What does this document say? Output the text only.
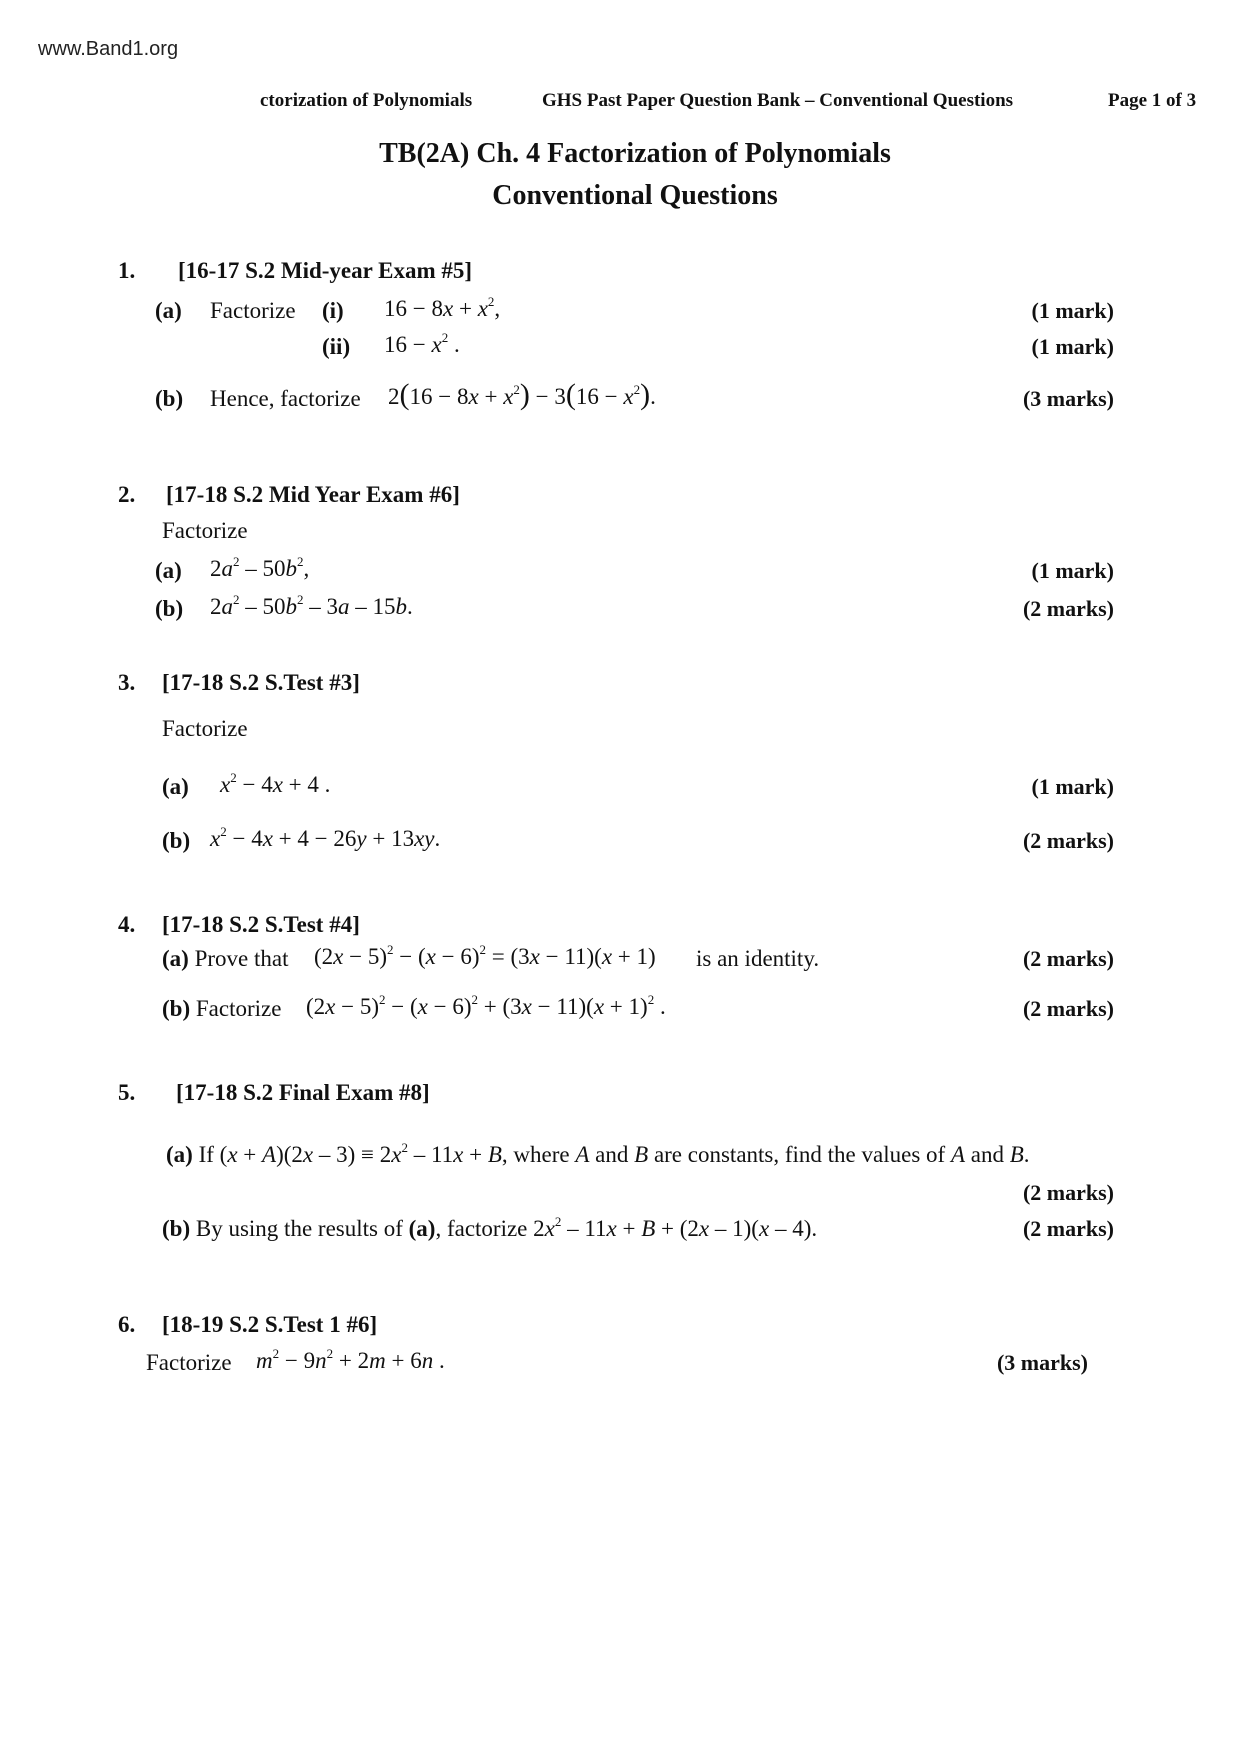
www.Band1.org
ctorization of Polynomials	GHS Past Paper Question Bank – Conventional Questions	Page 1 of 3
TB(2A) Ch. 4 Factorization of Polynomials
Conventional Questions
1. [16-17 S.2 Mid-year Exam #5]
(a) Factorize (i) $16 - 8x + x^2$,	(1 mark)
(ii) $16 - x^2$ .	(1 mark)
(b) Hence, factorize $2(16 - 8x + x^2) - 3(16 - x^2)$.	(3 marks)
2. [17-18 S.2 Mid Year Exam #6]
Factorize
(a) $2a^2 - 50b^2$,	(1 mark)
(b) $2a^2 - 50b^2 - 3a - 15b$.	(2 marks)
3. [17-18 S.2 S.Test #3]
Factorize
(a) $x^2 - 4x + 4$ .	(1 mark)
(b) $x^2 - 4x + 4 - 26y + 13xy$.	(2 marks)
4. [17-18 S.2 S.Test #4]
(a) Prove that $(2x - 5)^2 - (x - 6)^2 = (3x - 11)(x + 1)$ is an identity.	(2 marks)
(b) Factorize $(2x - 5)^2 - (x - 6)^2 + (3x - 11)(x + 1)^2$ .	(2 marks)
5. [17-18 S.2 Final Exam #8]
(a) If $(x + A)(2x - 3) \equiv 2x^2 - 11x + B$, where A and B are constants, find the values of A and B.
(2 marks)
(b) By using the results of (a), factorize $2x^2 - 11x + B + (2x - 1)(x - 4)$.	(2 marks)
6. [18-19 S.2 S.Test 1 #6]
Factorize $m^2 - 9n^2 + 2m + 6n$ .	(3 marks)
